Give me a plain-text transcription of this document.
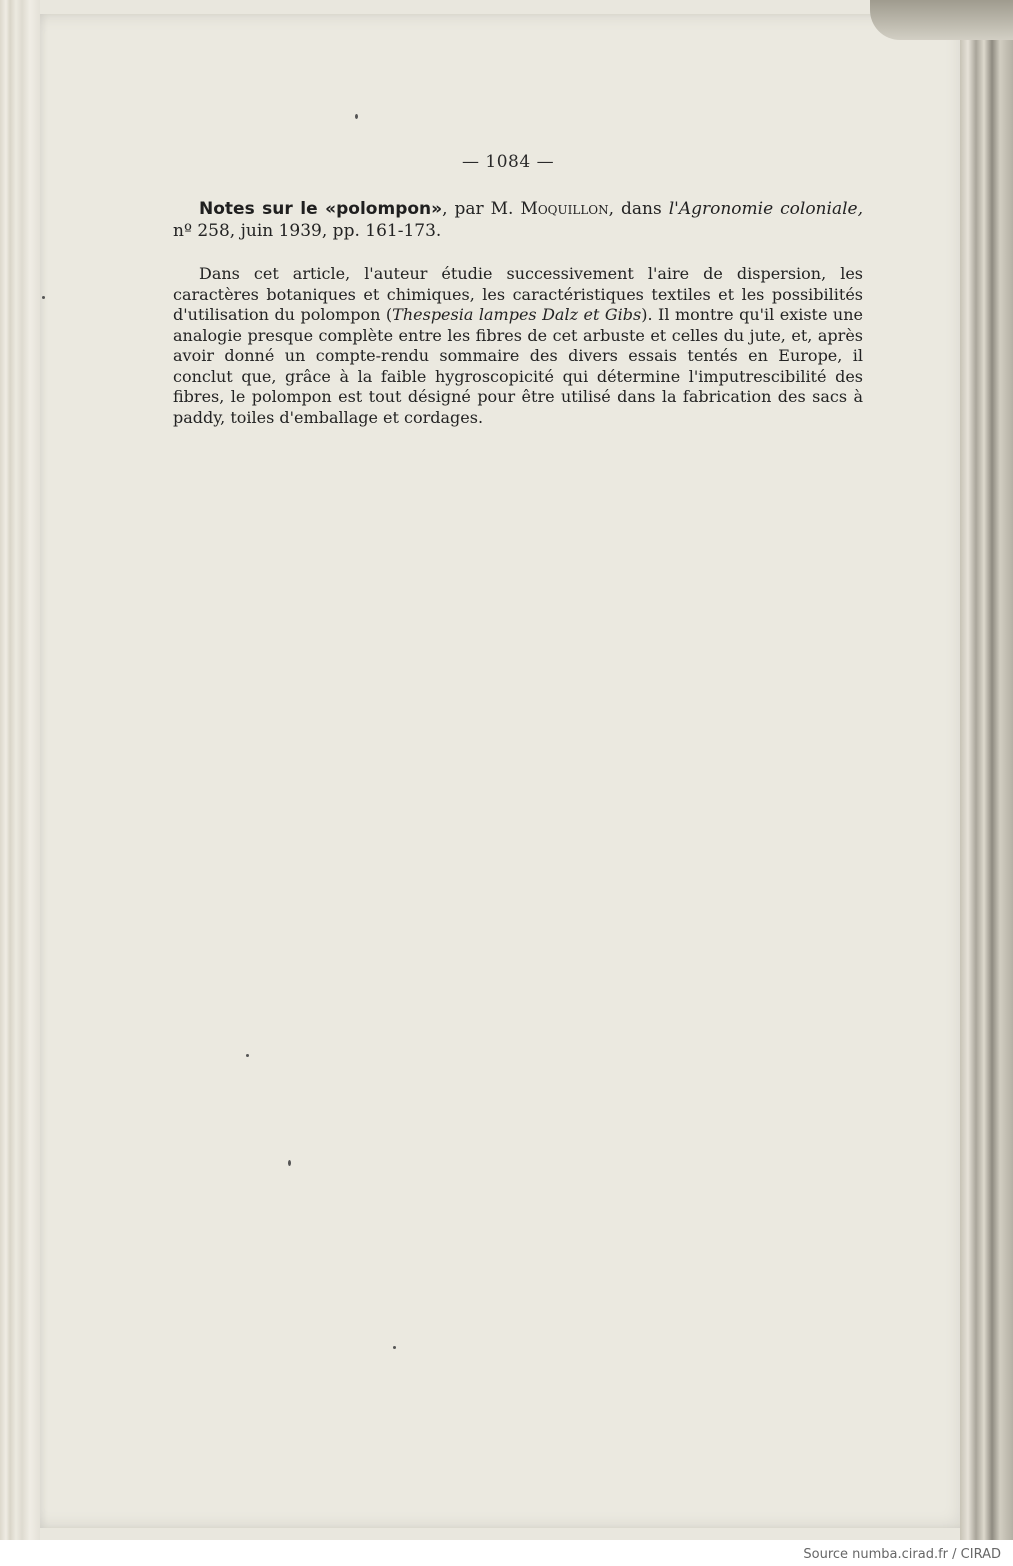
— 1084 —

Notes sur le «polompon», par M. Moquillon, dans l'Agronomie coloniale, nº 258, juin 1939, pp. 161-173.

Dans cet article, l'auteur étudie successivement l'aire de dispersion, les caractères botaniques et chimiques, les caractéristiques textiles et les possibilités d'utilisation du polompon (Thespesia lampes Dalz et Gibs). Il montre qu'il existe une analogie presque complète entre les fibres de cet arbuste et celles du jute, et, après avoir donné un compte-rendu sommaire des divers essais tentés en Europe, il conclut que, grâce à la faible hygroscopicité qui détermine l'imputrescibilité des fibres, le polompon est tout désigné pour être utilisé dans la fabrication des sacs à paddy, toiles d'emballage et cordages.

Source numba.cirad.fr / CIRAD
